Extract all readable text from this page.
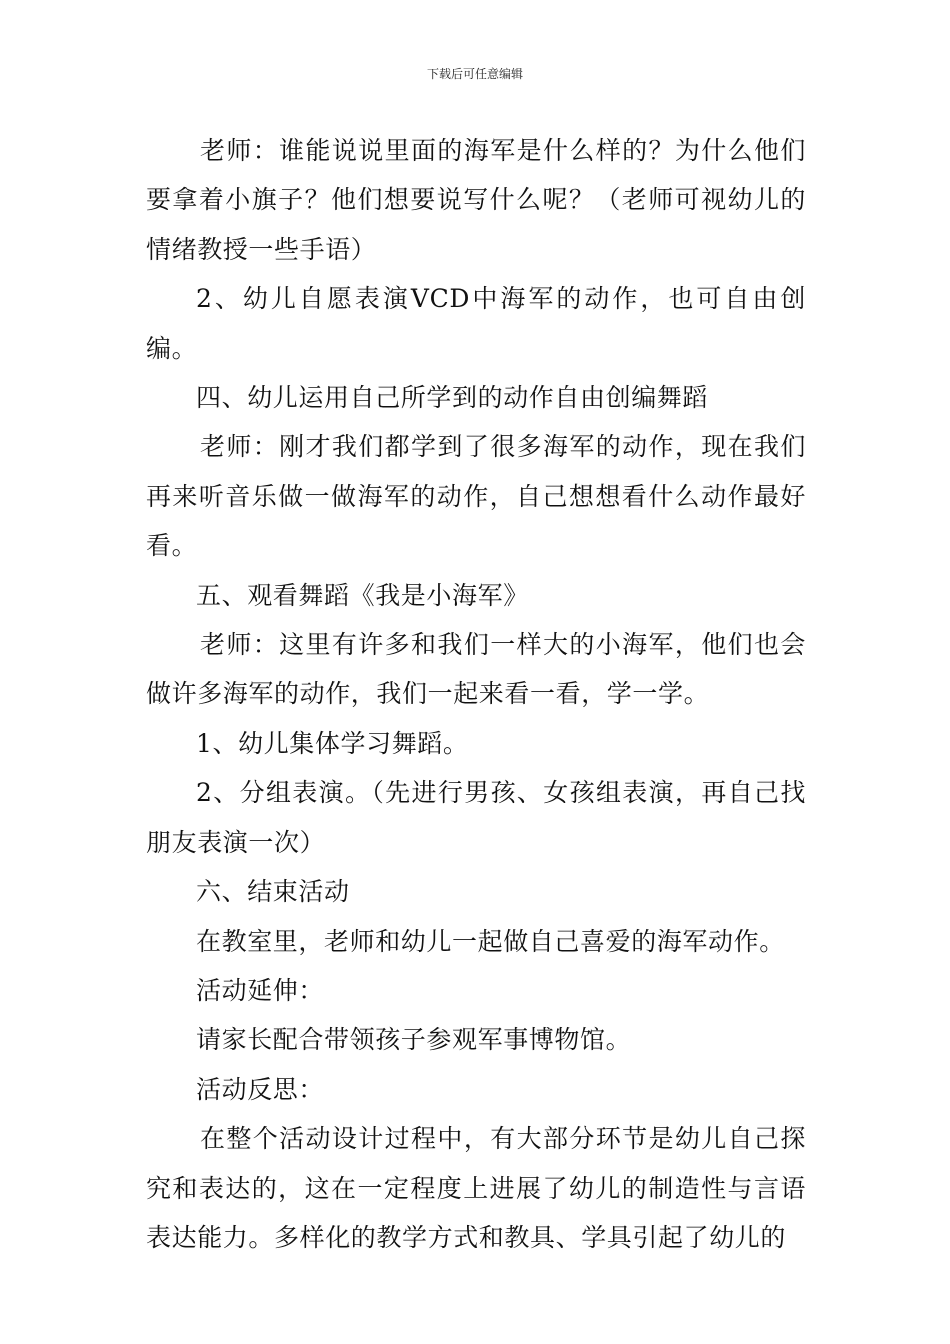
下载后可任意编辑

老师：谁能说说里面的海军是什么样的？为什么他们要拿着小旗子？他们想要说写什么呢？（老师可视幼儿的情绪教授一些手语）

2、幼儿自愿表演VCD中海军的动作，也可自由创编。

四、幼儿运用自己所学到的动作自由创编舞蹈

老师：刚才我们都学到了很多海军的动作，现在我们再来听音乐做一做海军的动作，自己想想看什么动作最好看。

五、观看舞蹈《我是小海军》

老师：这里有许多和我们一样大的小海军，他们也会做许多海军的动作，我们一起来看一看，学一学。

1、幼儿集体学习舞蹈。

2、分组表演。（先进行男孩、女孩组表演，再自己找朋友表演一次）

六、结束活动

在教室里，老师和幼儿一起做自己喜爱的海军动作。

活动延伸：

请家长配合带领孩子参观军事博物馆。

活动反思：

在整个活动设计过程中，有大部分环节是幼儿自己探究和表达的，这在一定程度上进展了幼儿的制造性与言语表达能力。多样化的教学方式和教具、学具引起了幼儿的
